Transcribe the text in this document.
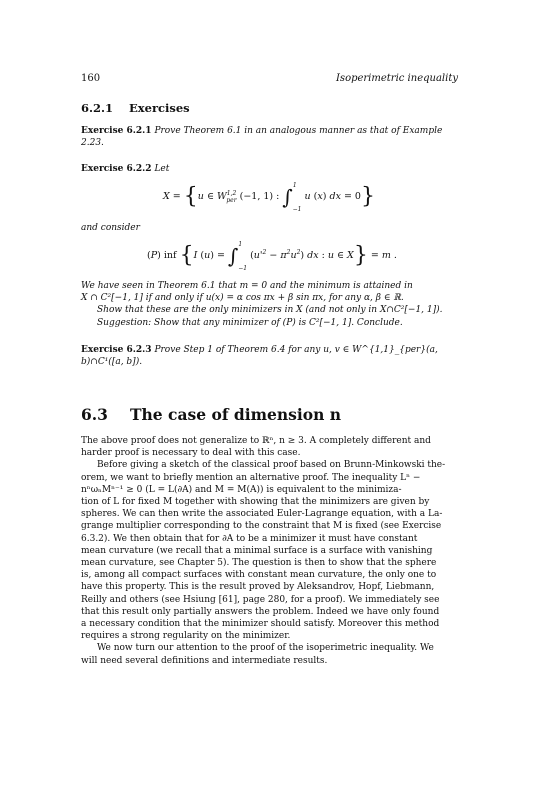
160	Isoperimetric inequality
6.2.1 Exercises
Exercise 6.2.1 Prove Theorem 6.1 in an analogous manner as that of Example 2.23.
Exercise 6.2.2 Let
X = {u ∈ W$^{1,2}_{per}$ (−1, 1) : ∫$^1_{-1}$ u (x) dx = 0}
and consider
(P) inf {I (u) = ∫$^1_{-1}$ $(u'^2 - \pi^2u^2)$ dx : u ∈ X} = m .
We have seen in Theorem 6.1 that m = 0 and the minimum is attained in
X ∩ C²[−1, 1] if and only if u(x) = α cos πx + β sin πx, for any α, β ∈ ℝ.
Show that these are the only minimizers in X (and not only in X∩C²[−1, 1]).
Suggestion: Show that any minimizer of (P) is C²[−1, 1]. Conclude.
Exercise 6.2.3 Prove Step 1 of Theorem 6.4 for any u, v ∈ W^{1,1}_{per}(a, b)∩C¹([a, b]).
6.3 The case of dimension n
The above proof does not generalize to ℝⁿ, n ≥ 3. A completely different and
harder proof is necessary to deal with this case.
Before giving a sketch of the classical proof based on Brunn-Minkowski the-
orem, we want to briefly mention an alternative proof. The inequality Lⁿ −
nⁿωₙMⁿ⁻¹ ≥ 0 (L = L(∂A) and M = M(A)) is equivalent to the minimiza-
tion of L for fixed M together with showing that the minimizers are given by
spheres. We can then write the associated Euler-Lagrange equation, with a La-
grange multiplier corresponding to the constraint that M is fixed (see Exercise
6.3.2). We then obtain that for ∂A to be a minimizer it must have constant
mean curvature (we recall that a minimal surface is a surface with vanishing
mean curvature, see Chapter 5). The question is then to show that the sphere
is, among all compact surfaces with constant mean curvature, the only one to
have this property. This is the result proved by Aleksandrov, Hopf, Liebmann,
Reilly and others (see Hsiung [61], page 280, for a proof). We immediately see
that this result only partially answers the problem. Indeed we have only found
a necessary condition that the minimizer should satisfy. Moreover this method
requires a strong regularity on the minimizer.
We now turn our attention to the proof of the isoperimetric inequality. We
will need several definitions and intermediate results.
